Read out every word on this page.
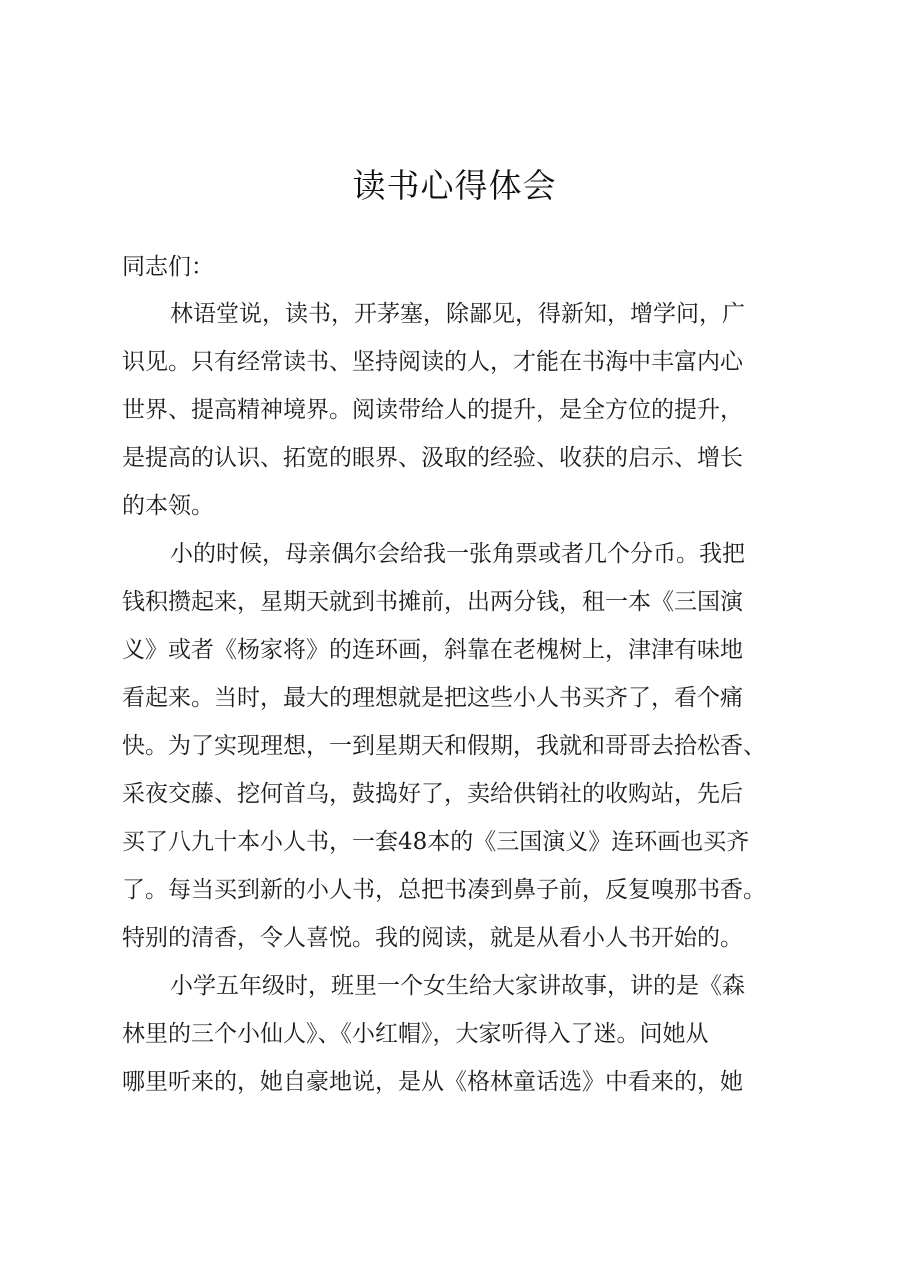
读书心得体会
同志们：
林语堂说，读书，开茅塞，除鄙见，得新知，增学问，广
识见。只有经常读书、坚持阅读的人，才能在书海中丰富内心
世界、提高精神境界。阅读带给人的提升，是全方位的提升，
是提高的认识、拓宽的眼界、汲取的经验、收获的启示、增长
的本领。
小的时候，母亲偶尔会给我一张角票或者几个分币。我把
钱积攒起来，星期天就到书摊前，出两分钱，租一本《三国演
义》或者《杨家将》的连环画，斜靠在老槐树上，津津有味地
看起来。当时，最大的理想就是把这些小人书买齐了，看个痛
快。为了实现理想，一到星期天和假期，我就和哥哥去拾松香、
采夜交藤、挖何首乌，鼓捣好了，卖给供销社的收购站，先后
买了八九十本小人书，一套48本的《三国演义》连环画也买齐
了。每当买到新的小人书，总把书凑到鼻子前，反复嗅那书香。
特别的清香，令人喜悦。我的阅读，就是从看小人书开始的。
小学五年级时，班里一个女生给大家讲故事，讲的是《森
林里的三个小仙人》、《小红帽》，大家听得入了迷。问她从
哪里听来的，她自豪地说，是从《格林童话选》中看来的，她
